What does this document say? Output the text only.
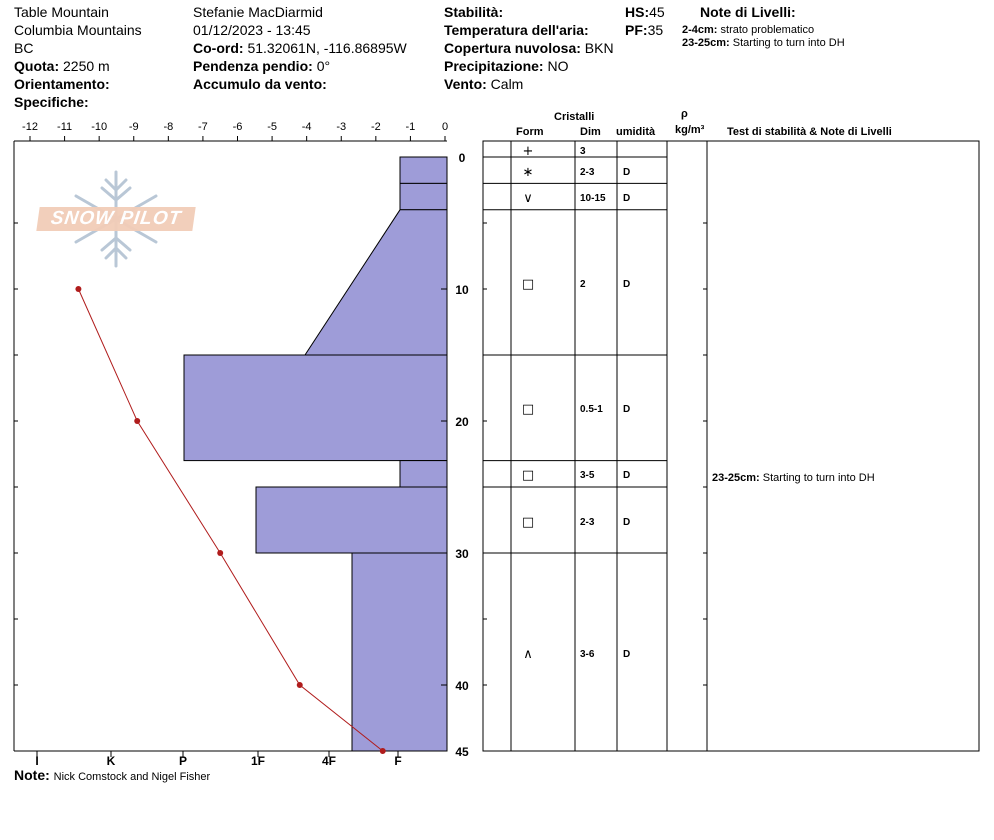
Table Mountain
Columbia Mountains
BC
Quota: 2250 m
Orientamento:
Specifiche:
Stefanie MacDiarmid
01/12/2023 - 13:45
Co-ord: 51.32061N, -116.86895W
Pendenza pendio: 0°
Accumulo da vento:
Stabilità:
Temperatura dell'aria:
Copertura nuvolosa: BKN
Precipitazione: NO
Vento: Calm
HS:45
PF:35
Note di Livelli:
2-4cm: strato problematico
23-25cm: Starting to turn into DH
SNOW PILOT
-12 -11 -10 -9 -8 -7 -6 -5 -4 -3 -2 -1 0
0
10
20
30
40
45
I	K	P	1F	4F	F
+	3
∗	2-3	D
∨	10-15 D
□	2	D
□	0.5-1 D
□	3-5	D
□	2-3	D
∧	3-6	D
Cristalli
Form	Dim umidità
ρ
kg/m³ Test di stabilità & Note di Livelli
23-25cm: Starting to turn into DH
Note: Nick Comstock and Nigel Fisher
